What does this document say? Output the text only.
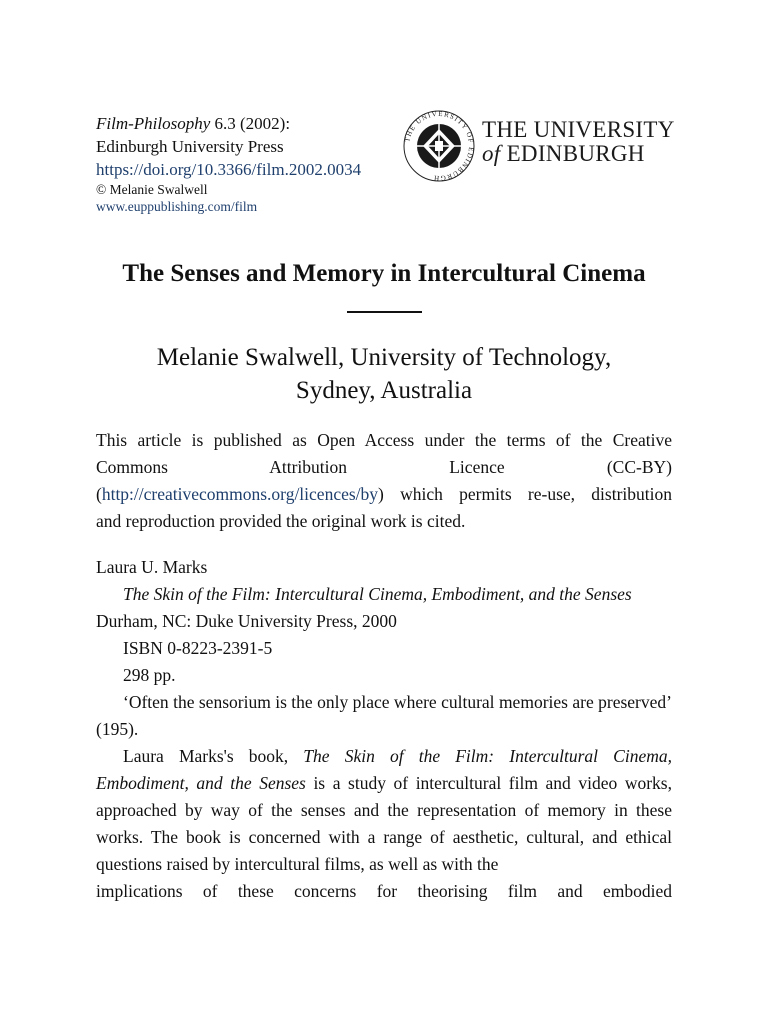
Film-Philosophy 6.3 (2002):
Edinburgh University Press
https://doi.org/10.3366/film.2002.0034
© Melanie Swalwell
www.euppublishing.com/film
THE UNIVERSITY OF EDINBURGH
THE UNIVERSITY
of EDINBURGH
The Senses and Memory in Intercultural Cinema
Melanie Swalwell, University of Technology,
Sydney, Australia

This article is published as Open Access under the terms of the Creative

Commons Attribution Licence (CC-BY)

(http://creativecommons.org/licences/by) which permits re-use, distribution

and reproduction provided the original work is cited.

Laura U. Marks

The Skin of the Film: Intercultural Cinema, Embodiment, and the Senses

Durham, NC: Duke University Press, 2000

ISBN 0-8223-2391-5

298 pp.

‘Often the sensorium is the only place where cultural memories are preserved’ (195).

Laura Marks's book, The Skin of the Film: Intercultural Cinema, Embodiment, and the Senses is a study of intercultural film and video works, approached by way of the senses and the representation of memory in these works. The book is concerned with a range of aesthetic, cultural, and ethical questions raised by intercultural films, as well as with the

implications of these concerns for theorising film and embodied
